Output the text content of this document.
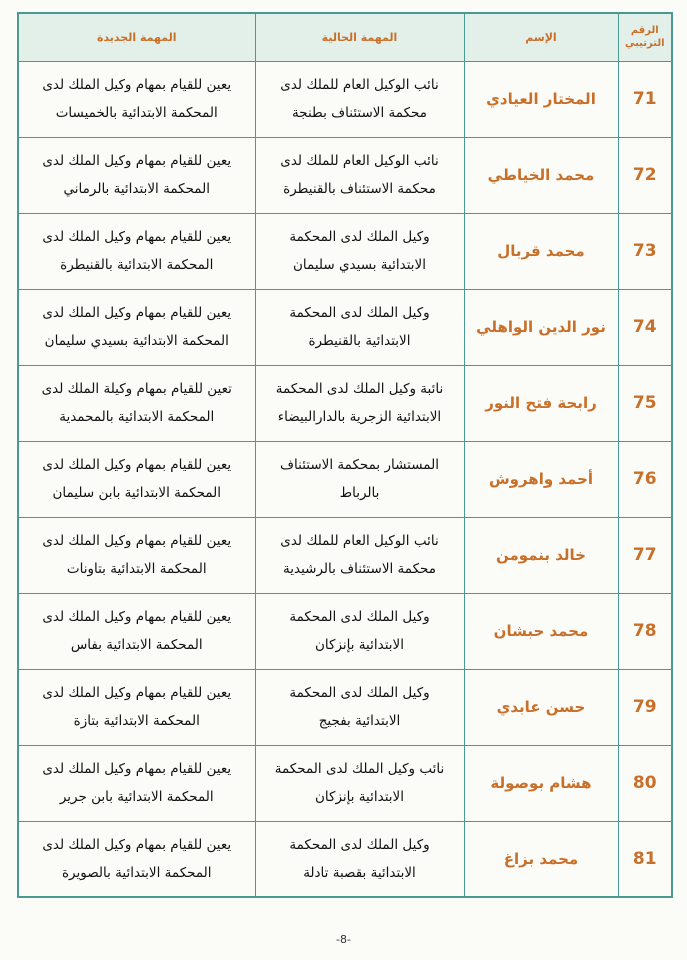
الرقم الترتيبي	الإسم	المهمة الحالية	المهمة الجديدة
71	المختار العيادي	نائب الوكيل العام للملك لدى محكمة الاستئناف بطنجة	يعين للقيام بمهام وكيل الملك لدى المحكمة الابتدائية بالخميسات
72	محمد الخياطي	نائب الوكيل العام للملك لدى محكمة الاستئناف بالقنيطرة	يعين للقيام بمهام وكيل الملك لدى المحكمة الابتدائية بالرماني
73	محمد قربال	وكيل الملك لدى المحكمة الابتدائية بسيدي سليمان	يعين للقيام بمهام وكيل الملك لدى المحكمة الابتدائية بالقنيطرة
74	نور الدين الواهلي	وكيل الملك لدى المحكمة الابتدائية بالقنيطرة	يعين للقيام بمهام وكيل الملك لدى المحكمة الابتدائية بسيدي سليمان
75	رابحة فتح النور	نائبة وكيل الملك لدى المحكمة الابتدائية الزجرية بالدارالبيضاء	تعين للقيام بمهام وكيلة الملك لدى المحكمة الابتدائية بالمحمدية
76	أحمد واهروش	المستشار بمحكمة الاستئناف بالرباط	يعين للقيام بمهام وكيل الملك لدى المحكمة الابتدائية بابن سليمان
77	خالد بنمومن	نائب الوكيل العام للملك لدى محكمة الاستئناف بالرشيدية	يعين للقيام بمهام وكيل الملك لدى المحكمة الابتدائية بتاونات
78	محمد حبشان	وكيل الملك لدى المحكمة الابتدائية بإنزكان	يعين للقيام بمهام وكيل الملك لدى المحكمة الابتدائية بفاس
79	حسن عابدي	وكيل الملك لدى المحكمة الابتدائية بفجيج	يعين للقيام بمهام وكيل الملك لدى المحكمة الابتدائية بتازة
80	هشام بوصولة	نائب وكيل الملك لدى المحكمة الابتدائية بإنزكان	يعين للقيام بمهام وكيل الملك لدى المحكمة الابتدائية بابن جرير
81	محمد بزاغ	وكيل الملك لدى المحكمة الابتدائية بقصبة تادلة	يعين للقيام بمهام وكيل الملك لدى المحكمة الابتدائية بالصويرة
-8-
